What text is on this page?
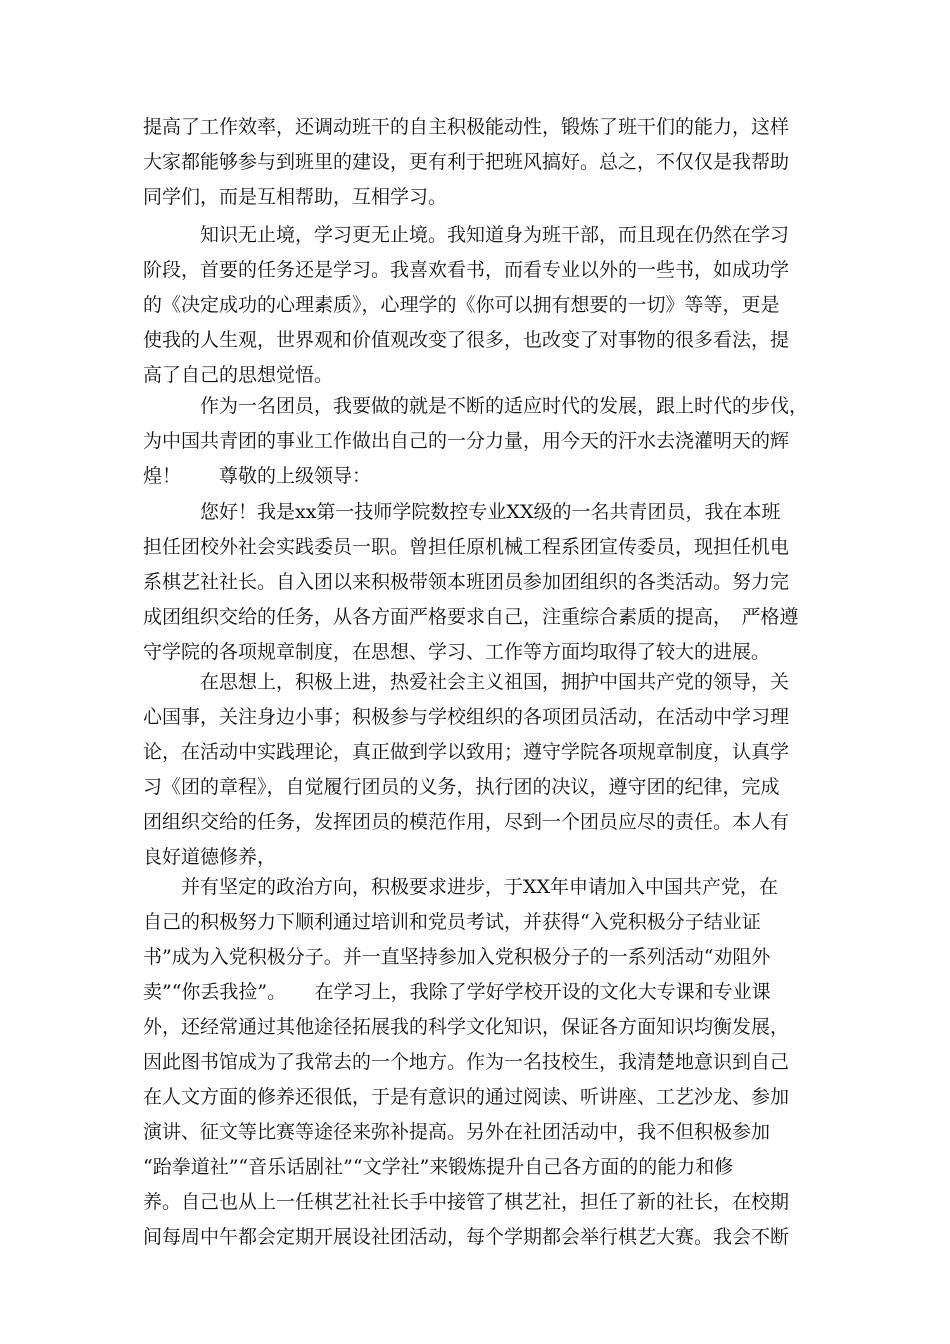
提高了工作效率，还调动班干的自主积极能动性，锻炼了班干们的能力，这样
大家都能够参与到班里的建设，更有利于把班风搞好。总之，不仅仅是我帮助
同学们，而是互相帮助，互相学习。
　　　知识无止境，学习更无止境。我知道身为班干部，而且现在仍然在学习
阶段，首要的任务还是学习。我喜欢看书，而看专业以外的一些书，如成功学
的《决定成功的心理素质》，心理学的《你可以拥有想要的一切》等等，更是
使我的人生观，世界观和价值观改变了很多，也改变了对事物的很多看法，提
高了自己的思想觉悟。
　　　作为一名团员，我要做的就是不断的适应时代的发展，跟上时代的步伐，
为中国共青团的事业工作做出自己的一分力量，用今天的汗水去浇灌明天的辉
煌！　　尊敬的上级领导：
　　　您好！我是xx第一技师学院数控专业XX级的一名共青团员，我在本班
担任团校外社会实践委员一职。曾担任原机械工程系团宣传委员，现担任机电
系棋艺社社长。自入团以来积极带领本班团员参加团组织的各类活动。努力完
成团组织交给的任务，从各方面严格要求自己，注重综合素质的提高，　严格遵
守学院的各项规章制度，在思想、学习、工作等方面均取得了较大的进展。
　　　在思想上，积极上进，热爱社会主义祖国，拥护中国共产党的领导，关
心国事，关注身边小事；积极参与学校组织的各项团员活动，在活动中学习理
论，在活动中实践理论，真正做到学以致用；遵守学院各项规章制度，认真学
习《团的章程》，自觉履行团员的义务，执行团的决议，遵守团的纪律，完成
团组织交给的任务，发挥团员的模范作用，尽到一个团员应尽的责任。本人有
良好道德修养，
　　并有坚定的政治方向，积极要求进步，于XX年申请加入中国共产党，在
自己的积极努力下顺利通过培训和党员考试，并获得“入党积极分子结业证
书”成为入党积极分子。并一直坚持参加入党积极分子的一系列活动“劝阻外
卖”“你丢我捡”。　　在学习上，我除了学好学校开设的文化大专课和专业课
外，还经常通过其他途径拓展我的科学文化知识，保证各方面知识均衡发展，
因此图书馆成为了我常去的一个地方。作为一名技校生，我清楚地意识到自己
在人文方面的修养还很低，于是有意识的通过阅读、听讲座、工艺沙龙、参加
演讲、征文等比赛等途径来弥补提高。另外在社团活动中，我不但积极参加
“跆拳道社”“音乐话剧社”“文学社”来锻炼提升自己各方面的的能力和修
养。自己也从上一任棋艺社社长手中接管了棋艺社，担任了新的社长，在校期
间每周中午都会定期开展设社团活动，每个学期都会举行棋艺大赛。我会不断
